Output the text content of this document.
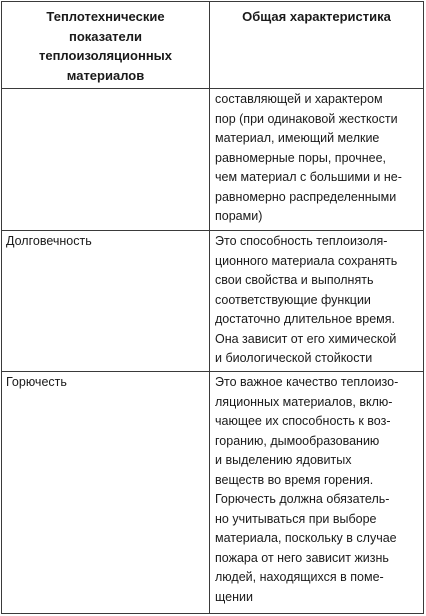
Теплотехнические
показатели
теплоизоляционных
материалов
Общая характеристика
составляющей и характером
пор (при одинаковой жесткости
материал, имеющий мелкие
равномерные поры, прочнее,
чем материал с большими и не-
равномерно распределенными
порами)
Долговечность	Это способность теплоизоля-
ционного материала сохранять
свои свойства и выполнять
соответствующие функции
достаточно длительное время.
Она зависит от его химической
и биологической стойкости
Горючесть	Это важное качество теплоизо-
ляционных материалов, вклю-
чающее их способность к воз-
горанию, дымообразованию
и выделению ядовитых
веществ во время горения.
Горючесть должна обязатель-
но учитываться при выборе
материала, поскольку в случае
пожара от него зависит жизнь
людей, находящихся в поме-
щении
